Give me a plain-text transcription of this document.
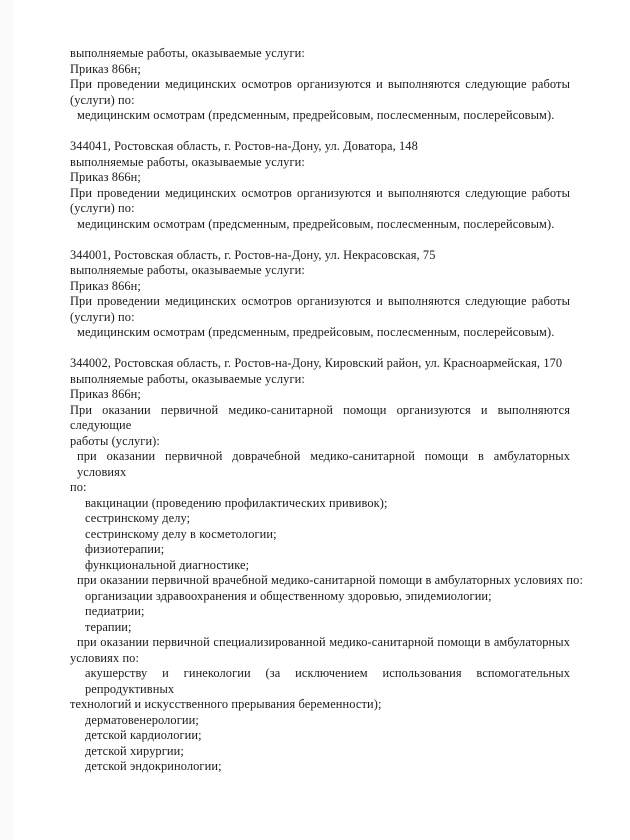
выполняемые работы, оказываемые услуги:
Приказ 866н;
При проведении медицинских осмотров организуются и выполняются следующие работы
(услуги) по:
медицинским осмотрам (предсменным, предрейсовым, послесменным, послерейсовым).
344041, Ростовская область, г. Ростов-на-Дону, ул. Доватора, 148
выполняемые работы, оказываемые услуги:
Приказ 866н;
При проведении медицинских осмотров организуются и выполняются следующие работы
(услуги) по:
медицинским осмотрам (предсменным, предрейсовым, послесменным, послерейсовым).
344001, Ростовская область, г. Ростов-на-Дону, ул. Некрасовская, 75
выполняемые работы, оказываемые услуги:
Приказ 866н;
При проведении медицинских осмотров организуются и выполняются следующие работы
(услуги) по:
медицинским осмотрам (предсменным, предрейсовым, послесменным, послерейсовым).
344002, Ростовская область, г. Ростов-на-Дону, Кировский район, ул. Красноармейская, 170
выполняемые работы, оказываемые услуги:
Приказ 866н;
При оказании первичной медико-санитарной помощи организуются и выполняются следующие
работы (услуги):
при оказании первичной доврачебной медико-санитарной помощи в амбулаторных условиях
по:
вакцинации (проведению профилактических прививок);
сестринскому делу;
сестринскому делу в косметологии;
физиотерапии;
функциональной диагностике;
при оказании первичной врачебной медико-санитарной помощи в амбулаторных условиях по:
организации здравоохранения и общественному здоровью, эпидемиологии;
педиатрии;
терапии;
при оказании первичной специализированной медико-санитарной помощи в амбулаторных
условиях по:
акушерству и гинекологии (за исключением использования вспомогательных репродуктивных
технологий и искусственного прерывания беременности);
дерматовенерологии;
детской кардиологии;
детской хирургии;
детской эндокринологии;
